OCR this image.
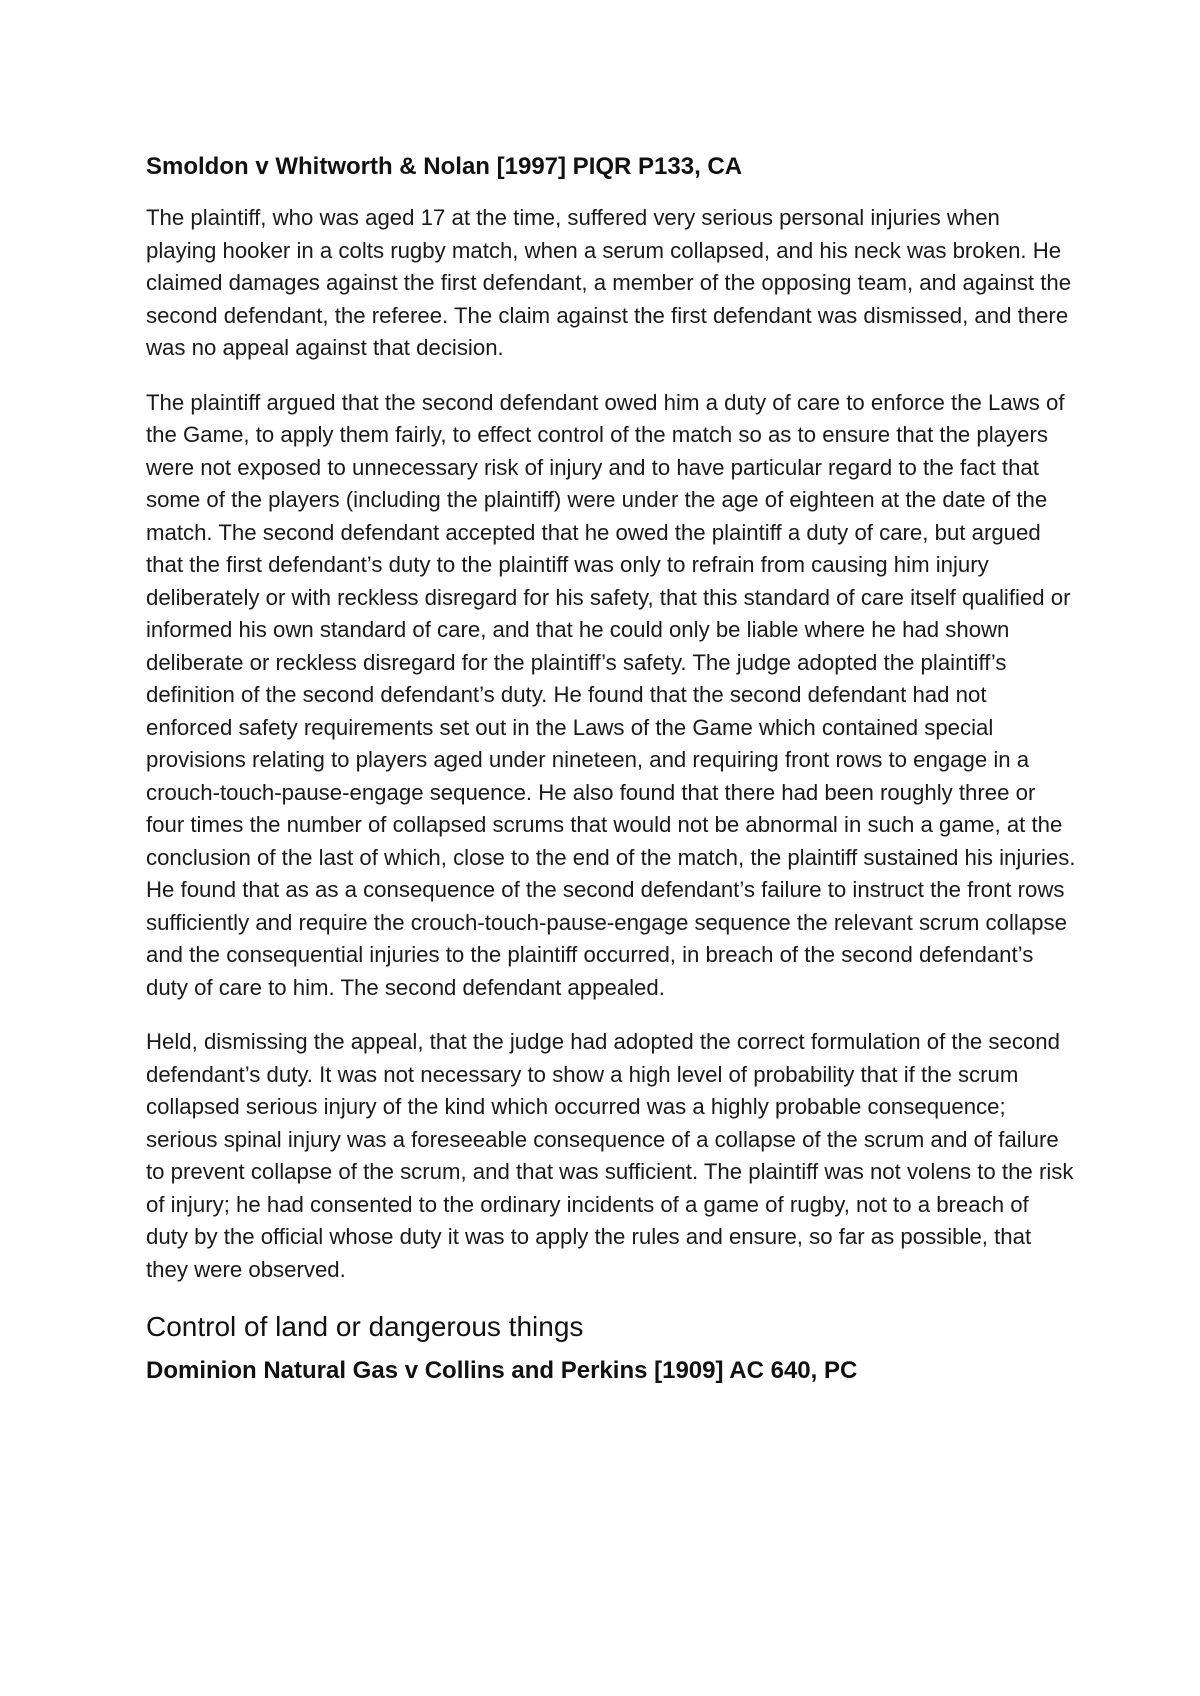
Smoldon v Whitworth & Nolan [1997] PIQR P133, CA

The plaintiff, who was aged 17 at the time, suffered very serious personal injuries when playing hooker in a colts rugby match, when a serum collapsed, and his neck was broken. He claimed damages against the first defendant, a member of the opposing team, and against the second defendant, the referee. The claim against the first defendant was dismissed, and there was no appeal against that decision.

The plaintiff argued that the second defendant owed him a duty of care to enforce the Laws of the Game, to apply them fairly, to effect control of the match so as to ensure that the players were not exposed to unnecessary risk of injury and to have particular regard to the fact that some of the players (including the plaintiff) were under the age of eighteen at the date of the match. The second defendant accepted that he owed the plaintiff a duty of care, but argued that the first defendant’s duty to the plaintiff was only to refrain from causing him injury deliberately or with reckless disregard for his safety, that this standard of care itself qualified or informed his own standard of care, and that he could only be liable where he had shown deliberate or reckless disregard for the plaintiff’s safety. The judge adopted the plaintiff’s definition of the second defendant’s duty. He found that the second defendant had not enforced safety requirements set out in the Laws of the Game which contained special provisions relating to players aged under nineteen, and requiring front rows to engage in a crouch-touch-pause-engage sequence. He also found that there had been roughly three or four times the number of collapsed scrums that would not be abnormal in such a game, at the conclusion of the last of which, close to the end of the match, the plaintiff sustained his injuries. He found that as as a consequence of the second defendant’s failure to instruct the front rows sufficiently and require the crouch-touch-pause-engage sequence the relevant scrum collapse and the consequential injuries to the plaintiff occurred, in breach of the second defendant’s duty of care to him. The second defendant appealed.

Held, dismissing the appeal, that the judge had adopted the correct formulation of the second defendant’s duty. It was not necessary to show a high level of probability that if the scrum collapsed serious injury of the kind which occurred was a highly probable consequence; serious spinal injury was a foreseeable consequence of a collapse of the scrum and of failure to prevent collapse of the scrum, and that was sufficient. The plaintiff was not volens to the risk of injury; he had consented to the ordinary incidents of a game of rugby, not to a breach of duty by the official whose duty it was to apply the rules and ensure, so far as possible, that they were observed.

Control of land or dangerous things
Dominion Natural Gas v Collins and Perkins [1909] AC 640, PC
